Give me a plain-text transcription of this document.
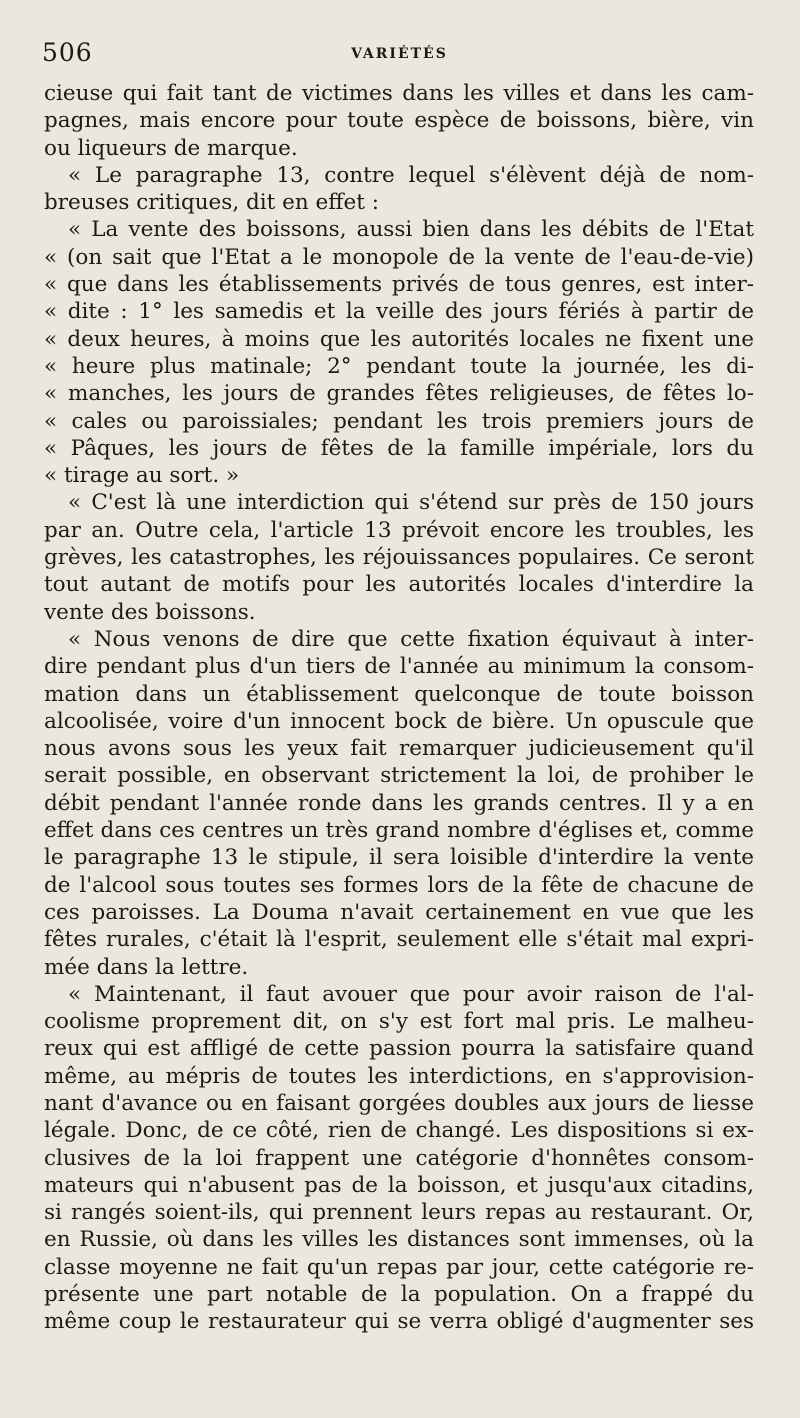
506	VARIÉTÉS
cieuse qui fait tant de victimes dans les villes et dans les cam-
pagnes, mais encore pour toute espèce de boissons, bière, vin
ou liqueurs de marque.
« Le paragraphe 13, contre lequel s'élèvent déjà de nom-
breuses critiques, dit en effet :
« La vente des boissons, aussi bien dans les débits de l'Etat
« (on sait que l'Etat a le monopole de la vente de l'eau-de-vie)
« que dans les établissements privés de tous genres, est inter-
« dite : 1° les samedis et la veille des jours fériés à partir de
« deux heures, à moins que les autorités locales ne fixent une
« heure plus matinale; 2° pendant toute la journée, les di-
« manches, les jours de grandes fêtes religieuses, de fêtes lo-
« cales ou paroissiales; pendant les trois premiers jours de
« Pâques, les jours de fêtes de la famille impériale, lors du
« tirage au sort. »
« C'est là une interdiction qui s'étend sur près de 150 jours
par an. Outre cela, l'article 13 prévoit encore les troubles, les
grèves, les catastrophes, les réjouissances populaires. Ce seront
tout autant de motifs pour les autorités locales d'interdire la
vente des boissons.
« Nous venons de dire que cette fixation équivaut à inter-
dire pendant plus d'un tiers de l'année au minimum la consom-
mation dans un établissement quelconque de toute boisson
alcoolisée, voire d'un innocent bock de bière. Un opuscule que
nous avons sous les yeux fait remarquer judicieusement qu'il
serait possible, en observant strictement la loi, de prohiber le
débit pendant l'année ronde dans les grands centres. Il y a en
effet dans ces centres un très grand nombre d'églises et, comme
le paragraphe 13 le stipule, il sera loisible d'interdire la vente
de l'alcool sous toutes ses formes lors de la fête de chacune de
ces paroisses. La Douma n'avait certainement en vue que les
fêtes rurales, c'était là l'esprit, seulement elle s'était mal expri-
mée dans la lettre.
« Maintenant, il faut avouer que pour avoir raison de l'al-
coolisme proprement dit, on s'y est fort mal pris. Le malheu-
reux qui est affligé de cette passion pourra la satisfaire quand
même, au mépris de toutes les interdictions, en s'approvision-
nant d'avance ou en faisant gorgées doubles aux jours de liesse
légale. Donc, de ce côté, rien de changé. Les dispositions si ex-
clusives de la loi frappent une catégorie d'honnêtes consom-
mateurs qui n'abusent pas de la boisson, et jusqu'aux citadins,
si rangés soient-ils, qui prennent leurs repas au restaurant. Or,
en Russie, où dans les villes les distances sont immenses, où la
classe moyenne ne fait qu'un repas par jour, cette catégorie re-
présente une part notable de la population. On a frappé du
même coup le restaurateur qui se verra obligé d'augmenter ses
